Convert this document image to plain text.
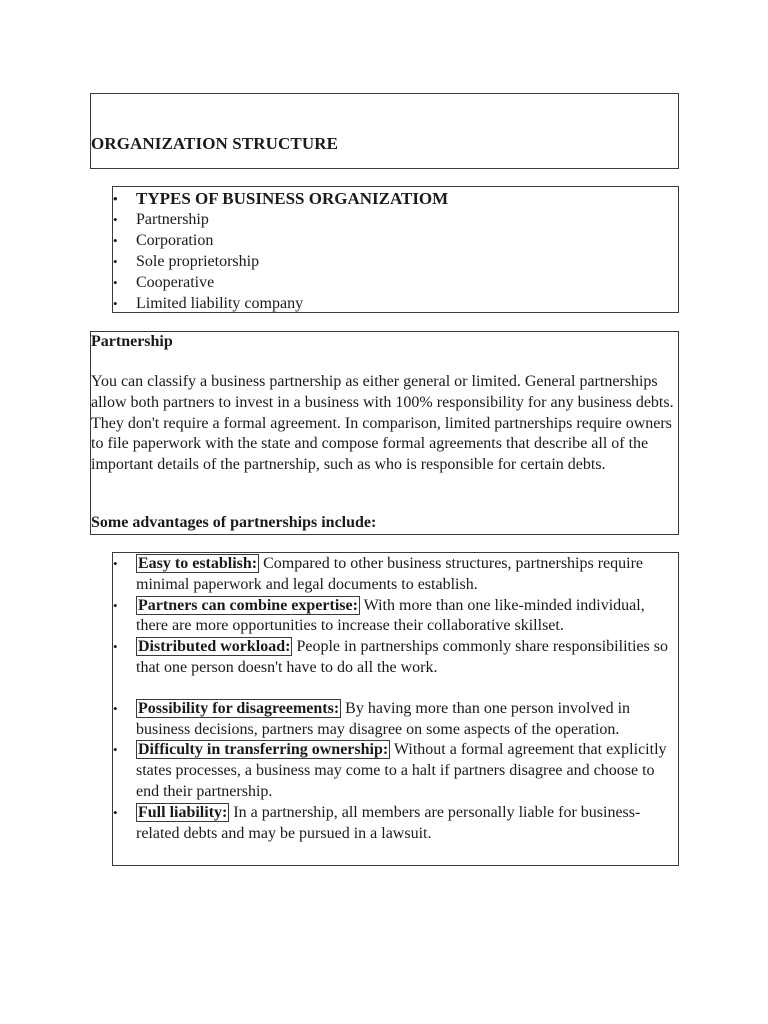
ORGANIZATION STRUCTURE
• TYPES OF BUSINESS ORGANIZATIOM
• Partnership
• Corporation
• Sole proprietorship
• Cooperative
• Limited liability company
Partnership
You can classify a business partnership as either general or limited. General partnerships allow both partners to invest in a business with 100% responsibility for any business debts. They don't require a formal agreement. In comparison, limited partnerships require owners to file paperwork with the state and compose formal agreements that describe all of the important details of the partnership, such as who is responsible for certain debts.
Some advantages of partnerships include:
• Easy to establish: Compared to other business structures, partnerships require minimal paperwork and legal documents to establish.
• Partners can combine expertise: With more than one like-minded individual, there are more opportunities to increase their collaborative skillset.
• Distributed workload: People in partnerships commonly share responsibilities so that one person doesn't have to do all the work.
• Possibility for disagreements: By having more than one person involved in business decisions, partners may disagree on some aspects of the operation.
• Difficulty in transferring ownership: Without a formal agreement that explicitly states processes, a business may come to a halt if partners disagree and choose to end their partnership.
• Full liability: In a partnership, all members are personally liable for business-related debts and may be pursued in a lawsuit.
